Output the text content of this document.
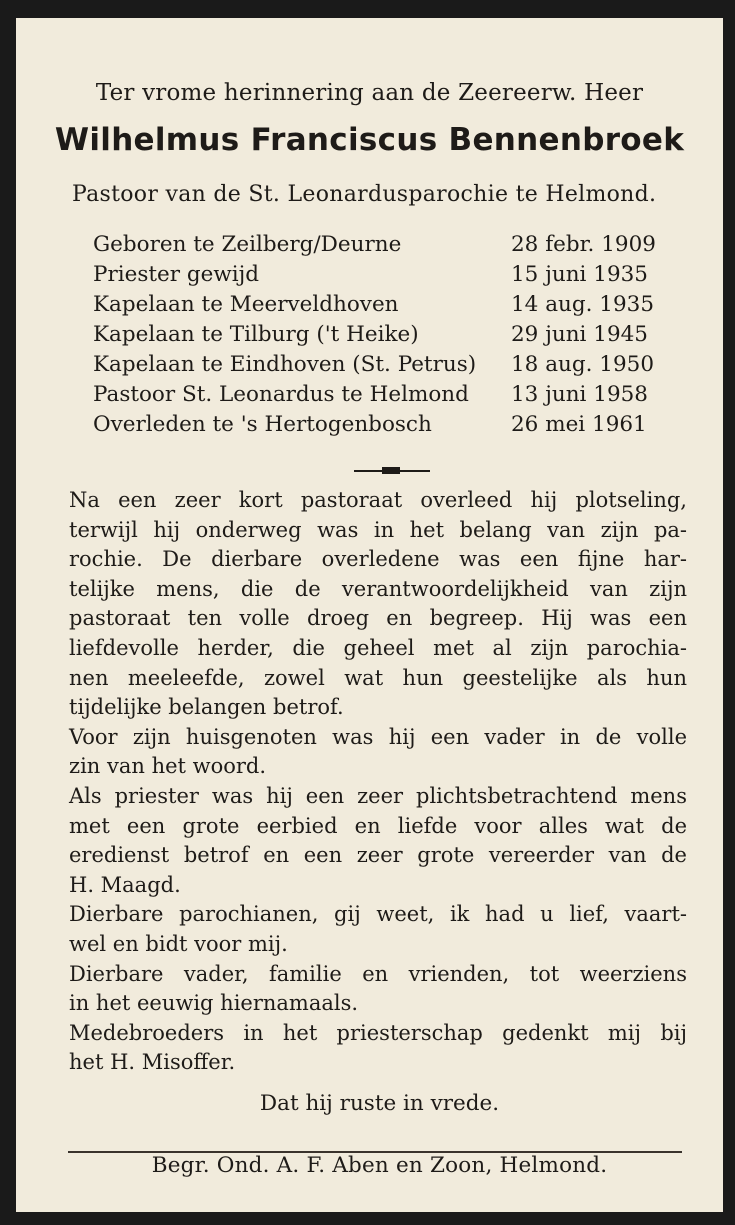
Ter vrome herinnering aan de Zeereerw. Heer
Wilhelmus Franciscus Bennenbroek
Pastoor van de St. Leonardusparochie te Helmond.
Geboren te Zeilberg/Deurne	28 febr. 1909
Priester gewijd	15 juni 1935
Kapelaan te Meerveldhoven	14 aug. 1935
Kapelaan te Tilburg ('t Heike)	29 juni 1945
Kapelaan te Eindhoven (St. Petrus) 18 aug. 1950
Pastoor St. Leonardus te Helmond 13 juni 1958
Overleden te 's Hertogenbosch	26 mei 1961
Na een zeer kort pastoraat overleed hij plotseling,
terwijl hij onderweg was in het belang van zijn pa-
rochie. De dierbare overledene was een fijne har-
telijke mens, die de verantwoordelijkheid van zijn
pastoraat ten volle droeg en begreep. Hij was een
liefdevolle herder, die geheel met al zijn parochia-
nen meeleefde, zowel wat hun geestelijke als hun
tijdelijke belangen betrof.
Voor zijn huisgenoten was hij een vader in de volle
zin van het woord.
Als priester was hij een zeer plichtsbetrachtend mens
met een grote eerbied en liefde voor alles wat de
eredienst betrof en een zeer grote vereerder van de
H. Maagd.
Dierbare parochianen, gij weet, ik had u lief, vaart-
wel en bidt voor mij.
Dierbare vader, familie en vrienden, tot weerziens
in het eeuwig hiernamaals.
Medebroeders in het priesterschap gedenkt mij bij
het H. Misoffer.
Dat hij ruste in vrede.
Begr. Ond. A. F. Aben en Zoon, Helmond.
